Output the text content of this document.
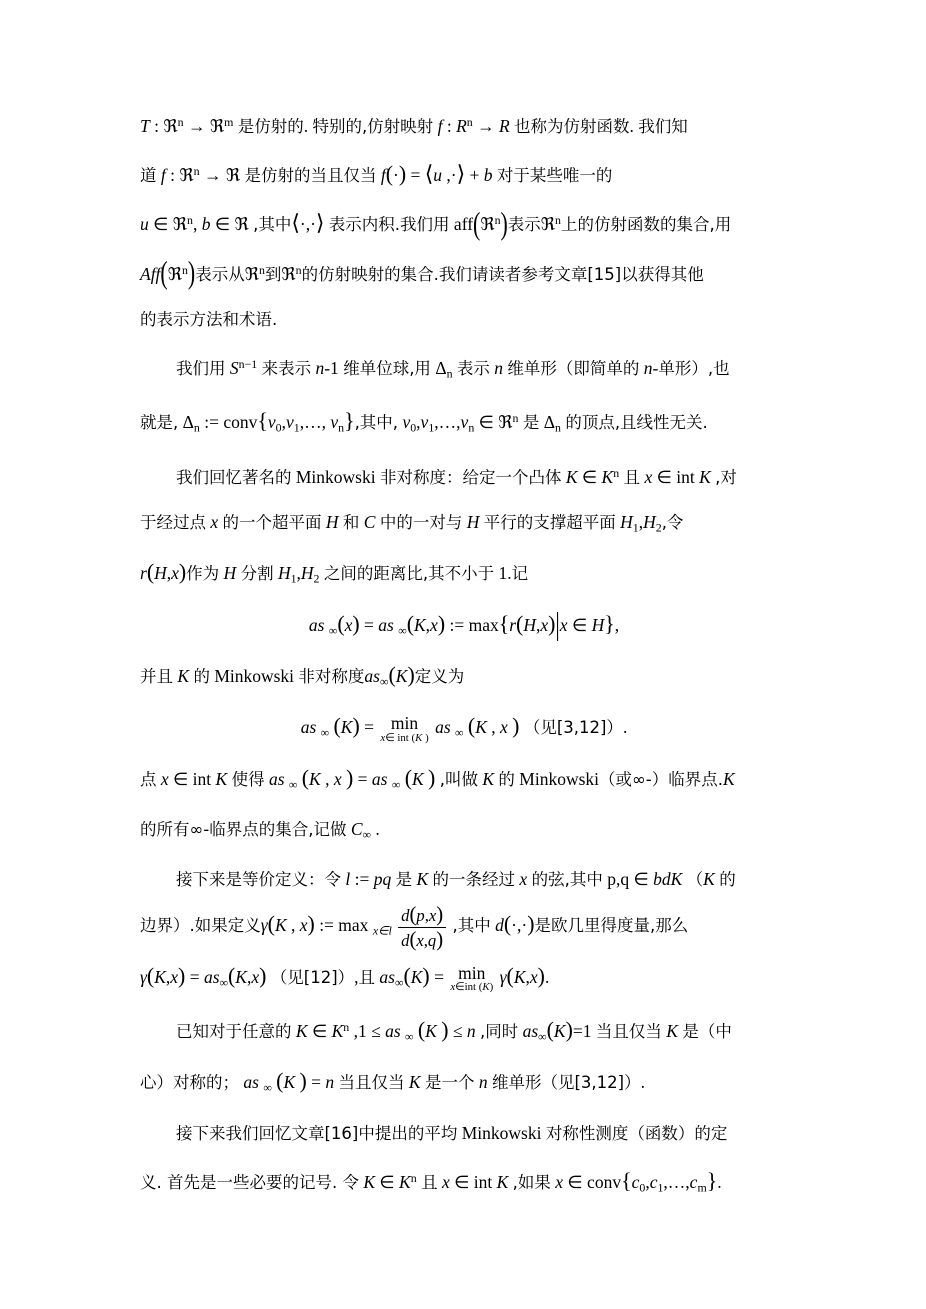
T : ℜ$^n$ → ℜ$^m$ 是仿射的. 特别的,仿射映射 f : $R^n \to R$ 也称为仿射函数. 我们知

道 f : ℜ$^n$ → ℜ 是仿射的当且仅当 f(·) = ⟨u ,·⟩ + b 对于某些唯一的

u ∈ ℜ$^n$, b ∈ ℜ ,其中⟨·,·⟩ 表示内积.我们用 aff(ℜ$^n$)表示ℜ$^n$上的仿射函数的集合,用

Aff(ℜ$^n$)表示从ℜ$^n$到ℜ$^n$的仿射映射的集合.我们请读者参考文章[15]以获得其他

的表示方法和术语.

我们用 $S^{n-1}$ 来表示 n-1 维单位球,用 Δn 表示 n 维单形（即简单的 n-单形）,也

就是, Δn := conv{v0,v1,…, vn},其中, v0,v1,…,vn ∈ ℜ$^n$ 是 Δn 的顶点,且线性无关.

我们回忆著名的 Minkowski 非对称度：给定一个凸体 K ∈ $K^n$ 且 x ∈ int K ,对

于经过点 x 的一个超平面 H 和 C 中的一对与 H 平行的支撑超平面 H1,H2,令

r(H,x)作为 H 分割 H1,H2 之间的距离比,其不小于 1.记

as ∞(x) = as ∞(K,x) := max{r(H,x)|x ∈ H},

并且 K 的 Minkowski 非对称度as∞(K)定义为

as ∞ (K) = min
x∈ int (K )
as ∞ (K , x ) （见[3,12]）.

点 x ∈ int K 使得 as ∞ (K , x ) = as ∞ (K ) ,叫做 K 的 Minkowski（或∞-）临界点.K

的所有∞-临界点的集合,记做 C∞ .

接下来是等价定义：令 l := pq 是 K 的一条经过 x 的弦,其中 p,q ∈ bdK （K 的

边界）.如果定义γ(K , x) := $\max _{x\in l} \frac{d(p,x)}{d(x,q)}$ ,其中 d(·,·)是欧几里得度量,那么

γ(K,x) = as∞(K,x) （见[12]）,且 as∞(K) = min
x∈int (K)
γ(K,x).

已知对于任意的 K ∈ $K^n$ ,1 ≤ as ∞ (K ) ≤ n ,同时 as∞(K)=1 当且仅当 K 是（中

心）对称的； as ∞ (K ) = n 当且仅当 K 是一个 n 维单形（见[3,12]）.

接下来我们回忆文章[16]中提出的平均 Minkowski 对称性测度（函数）的定

义. 首先是一些必要的记号. 令 K ∈ $K^n$ 且 x ∈ int K ,如果 x ∈ conv{c0,c1,…,cm}.
